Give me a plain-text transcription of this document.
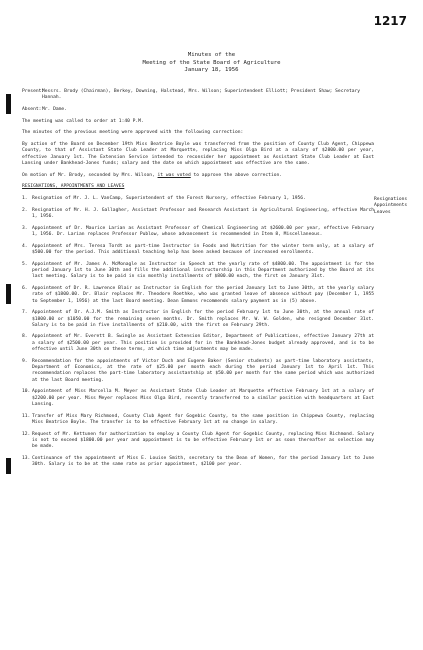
1217
Minutes of the
Meeting of the State Board of Agriculture
January 18, 1956
Present:
Messrs. Brody (Chairman), Berkey, Downing, Halstead, Mrs. Wilson; Superintendent Elliott; President Shaw; Secretary Hannah.
Absent: Mr. Dame.

The meeting was called to order at 1:40 P.M.

The minutes of the previous meeting were approved with the following correction:

By action of the Board on December 19th Miss Beatrice Boyle was transferred from the position of County Club Agent, Chippewa County, to that of Assistant State Club Leader at Marquette, replacing Miss Olga Bird at a salary of $2800.00 per year, effective January 1st. The Extension Service intended to reconsider her appointment as Assistant State Club Leader at East Lansing under Bankhead-Jones funds; salary and the date on which appointment was effective are the same.

On motion of Mr. Brody, seconded by Mrs. Wilson, it was voted to approve the above correction.

RESIGNATIONS, APPOINTMENTS AND LEAVES

1. Resignation of Mr. J. L. VanCamp, Superintendent of the Forest Nursery, effective February 1, 1956.
2. Resignation of Mr. H. J. Gallagher, Assistant Professor and Research Assistant in Agricultural Engineering, effective March 1, 1956.
3. Appointment of Dr. Maurice Larian as Assistant Professor of Chemical Engineering at $2600.00 per year, effective February 1, 1956. Dr. Larian replaces Professor Publow, whose advancement is recommended in Item 8, Miscellaneous.
4. Appointment of Mrs. Teresa Tordt as part-time Instructor in Foods and Nutrition for the winter term only, at a salary of $500.00 for the period. This additional teaching help has been asked because of increased enrollments.
5. Appointment of Mr. James A. McMonagle as Instructor in Speech at the yearly rate of $4800.00. The appointment is for the period January 1st to June 30th and fills the additional instructorship in this Department authorized by the Board at its last meeting. Salary is to be paid in six monthly installments of $800.00 each, the first on January 31st.
6. Appointment of Dr. R. Lawrence Blair as Instructor in English for the period January 1st to June 30th, at the yearly salary rate of $1800.00. Dr. Blair replaces Mr. Theodore Roethke, who was granted leave of absence without pay (December 1, 1955 to September 1, 1956) at the last Board meeting. Dean Emmons recommends salary payment as in (5) above.
7. Appointment of Dr. A.J.M. Smith as Instructor in English for the period February 1st to June 30th, at the annual rate of $1800.00 or $1050.00 for the remaining seven months. Dr. Smith replaces Mr. W. W. Golden, who resigned December 31st. Salary is to be paid in five installments of $210.00, with the first on February 29th.
8. Appointment of Mr. Everett B. Swingle as Assistant Extension Editor, Department of Publications, effective January 27th at a salary of $2500.00 per year. This position is provided for in the Bankhead-Jones budget already approved, and is to be effective until June 30th on these terms, at which time adjustments may be made.
9. Recommendation for the appointments of Victor Duch and Eugene Baker (Senior students) as part-time laboratory assistants, Department of Economics, at the rate of $25.00 per month each during the period January 1st to April 1st. This recommendation replaces the part-time laboratory assistantship at $50.00 per month for the same period which was authorized at the last Board meeting.
10. Appointment of Miss Marcella M. Meyer as Assistant State Club Leader at Marquette effective February 1st at a salary of $2200.00 per year. Miss Meyer replaces Miss Olga Bird, recently transferred to a similar position with headquarters at East Lansing.
11. Transfer of Miss Mary Richmond, County Club Agent for Gogebic County, to the same position in Chippewa County, replacing Miss Beatrice Boyle. The transfer is to be effective February 1st at no change in salary.
12. Request of Mr. Kettunen for authorization to employ a County Club Agent for Gogebic County, replacing Miss Richmond. Salary is not to exceed $1800.00 per year and appointment is to be effective February 1st or as soon thereafter as selection may be made.
13. Continuance of the appointment of Miss E. Louise Smith, secretary to the Dean of Women, for the period January 1st to June 30th. Salary is to be at the same rate as prior appointment, $2100 per year.
Resignations
Appointments
Leaves
